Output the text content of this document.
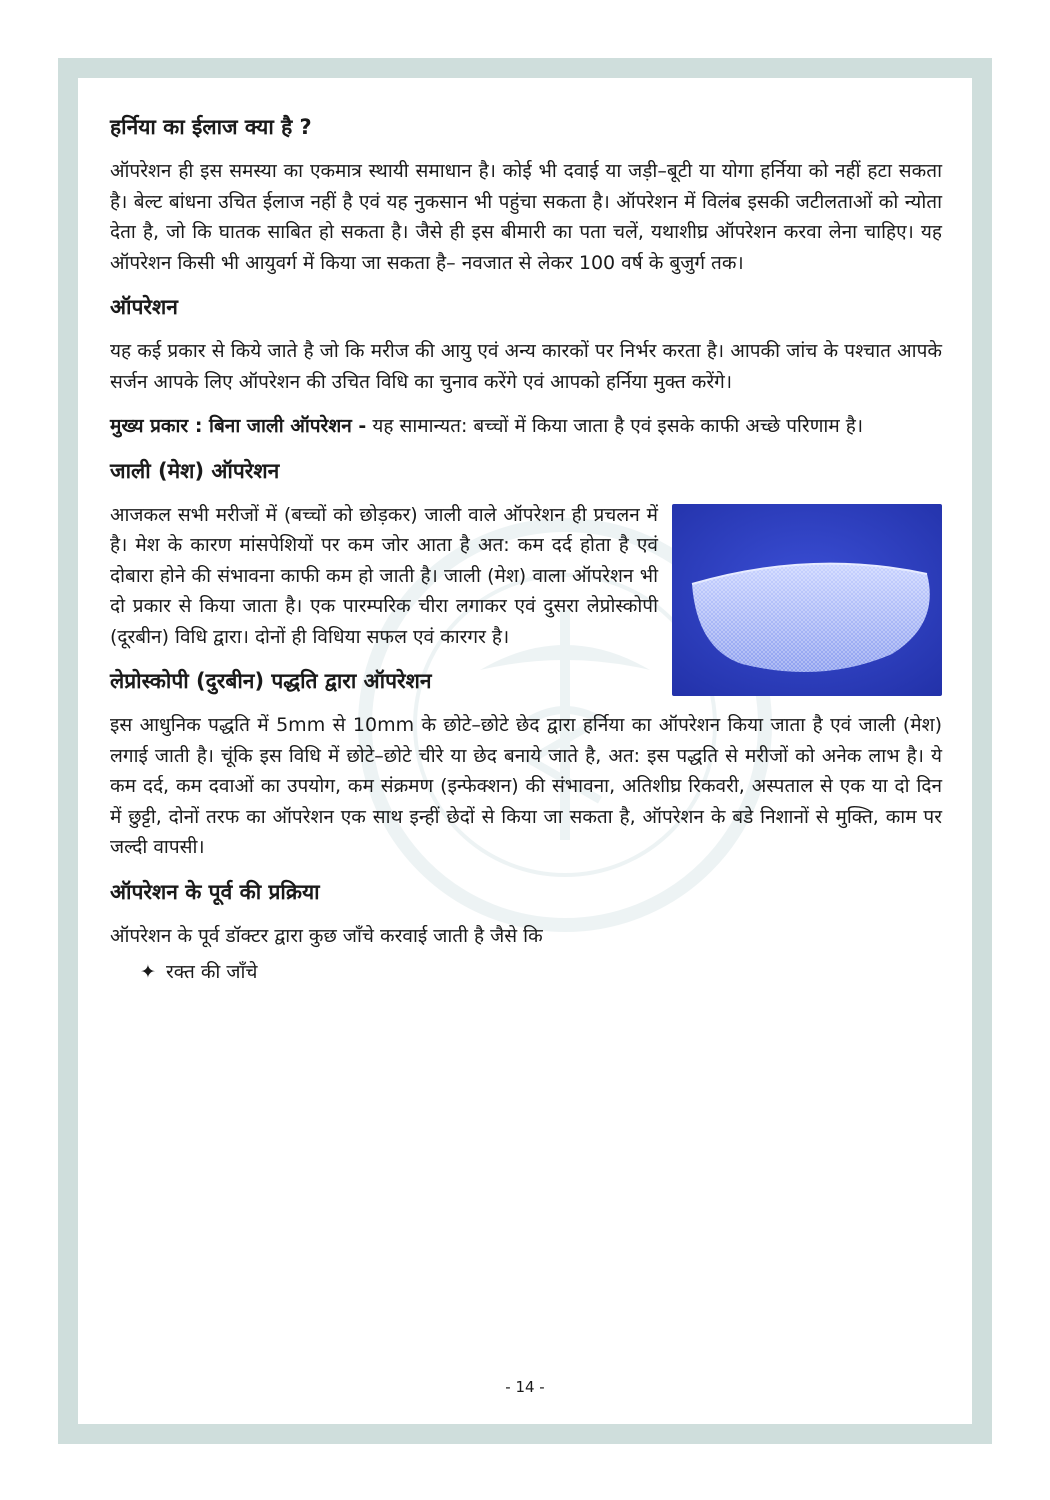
हर्निया का ईलाज क्या है ?

ऑपरेशन ही इस समस्या का एकमात्र स्थायी समाधान है। कोई भी दवाई या जड़ी–बूटी या योगा हर्निया को नहीं हटा सकता है। बेल्ट बांधना उचित ईलाज नहीं है एवं यह नुकसान भी पहुंचा सकता है। ऑपरेशन में विलंब इसकी जटीलताओं को न्योता देता है, जो कि घातक साबित हो सकता है। जैसे ही इस बीमारी का पता चलें, यथाशीघ्र ऑपरेशन करवा लेना चाहिए। यह ऑपरेशन किसी भी आयुवर्ग में किया जा सकता है– नवजात से लेकर 100 वर्ष के बुजुर्ग तक।

ऑपरेशन

यह कई प्रकार से किये जाते है जो कि मरीज की आयु एवं अन्य कारकों पर निर्भर करता है। आपकी जांच के पश्चात आपके सर्जन आपके लिए ऑपरेशन की उचित विधि का चुनाव करेंगे एवं आपको हर्निया मुक्त करेंगे।

मुख्य प्रकार : बिना जाली ऑपरेशन - यह सामान्यत: बच्चों में किया जाता है एवं इसके काफी अच्छे परिणाम है।

जाली (मेश) ऑपरेशन

आजकल सभी मरीजों में (बच्चों को छोड़कर) जाली वाले ऑपरेशन ही प्रचलन में है। मेश के कारण मांसपेशियों पर कम जोर आता है अत: कम दर्द होता है एवं दोबारा होने की संभावना काफी कम हो जाती है। जाली (मेश) वाला ऑपरेशन भी दो प्रकार से किया जाता है। एक पारम्परिक चीरा लगाकर एवं दुसरा लेप्रोस्कोपी (दूरबीन) विधि द्वारा। दोनों ही विधिया सफल एवं कारगर है।

लेप्रोस्कोपी (दुरबीन) पद्धति द्वारा ऑपरेशन

इस आधुनिक पद्धति में 5mm से 10mm के छोटे–छोटे छेद द्वारा हर्निया का ऑपरेशन किया जाता है एवं जाली (मेश) लगाई जाती है। चूंकि इस विधि में छोटे–छोटे चीरे या छेद बनाये जाते है, अत: इस पद्धति से मरीजों को अनेक लाभ है। ये कम दर्द, कम दवाओं का उपयोग, कम संक्रमण (इन्फेक्शन) की संभावना, अतिशीघ्र रिकवरी, अस्पताल से एक या दो दिन में छुट्टी, दोनों तरफ का ऑपरेशन एक साथ इन्हीं छेदों से किया जा सकता है, ऑपरेशन के बडे निशानों से मुक्ति, काम पर जल्दी वापसी।

ऑपरेशन के पूर्व की प्रक्रिया

ऑपरेशन के पूर्व डॉक्टर द्वारा कुछ जाँचे करवाई जाती है जैसे कि

✦ रक्त की जाँचे
- 14 -
